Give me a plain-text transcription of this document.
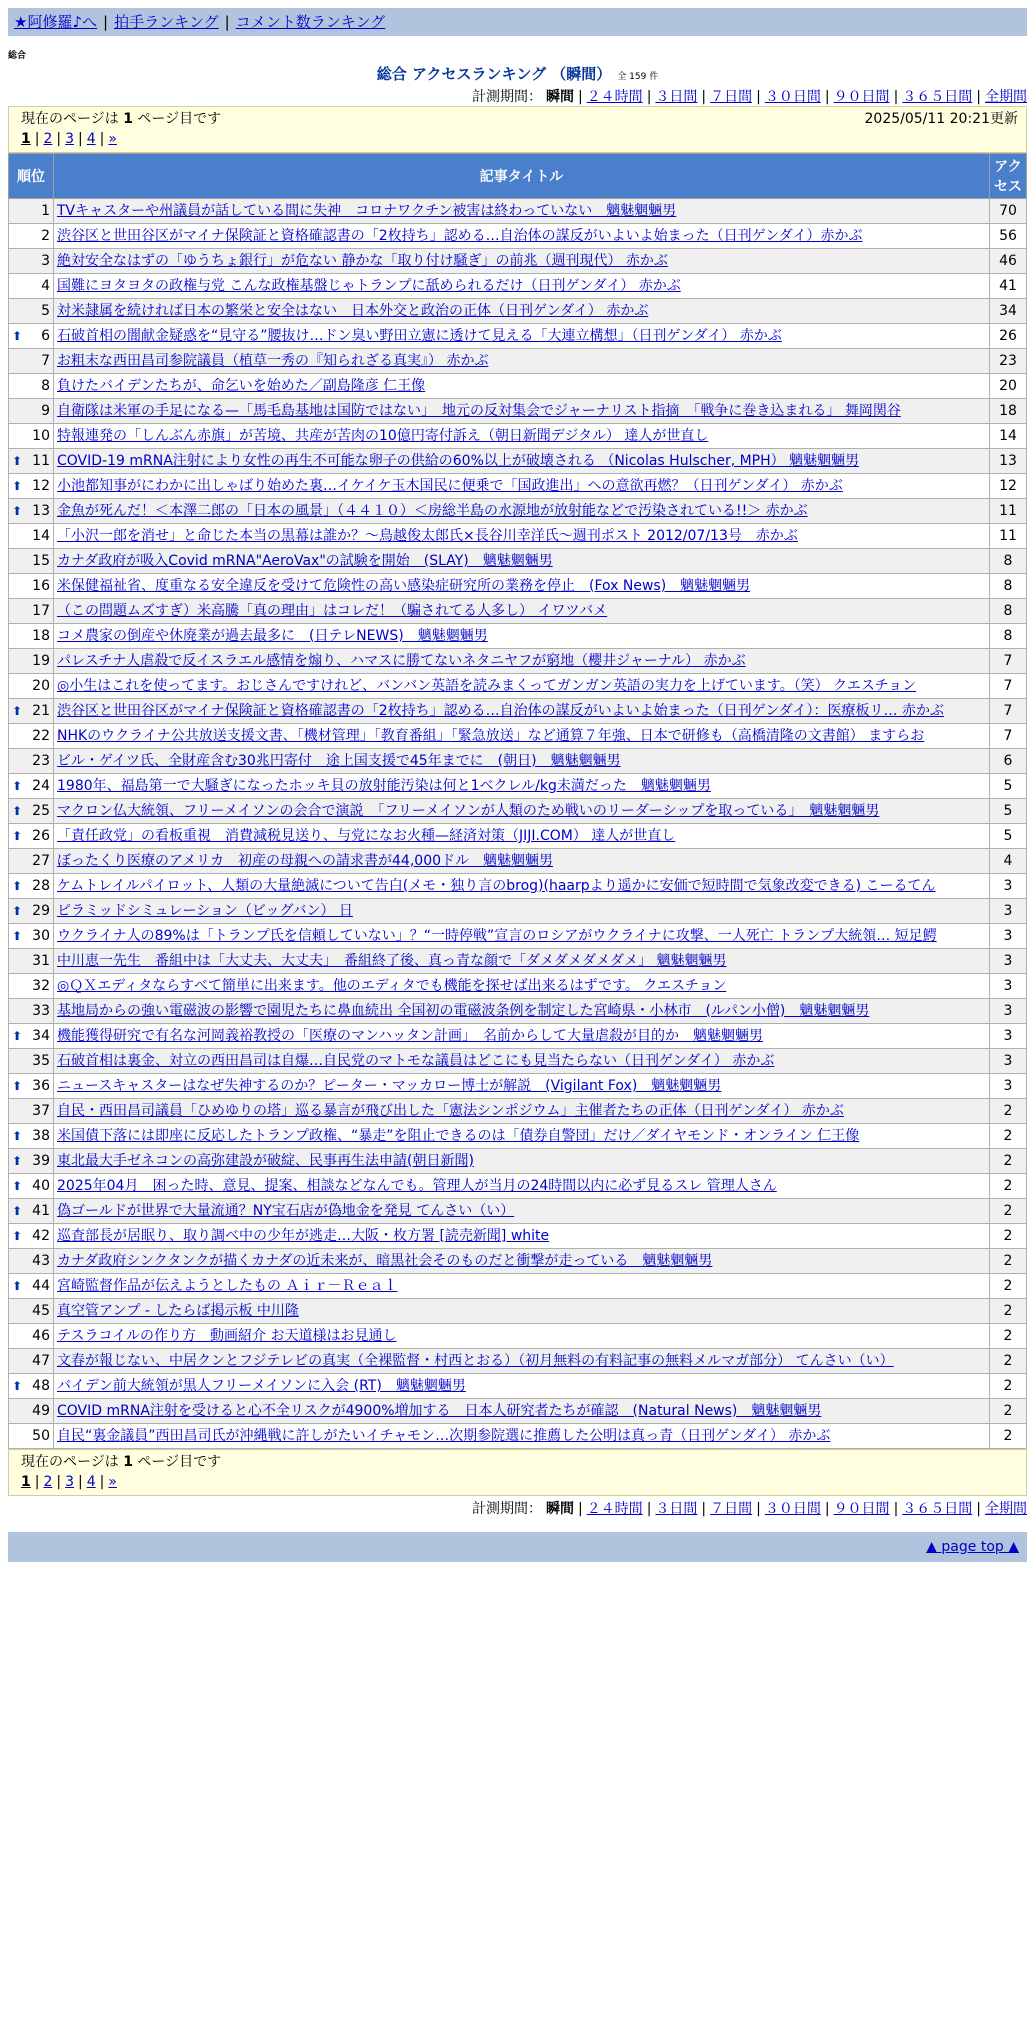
★阿修羅♪へ | 拍手ランキング | コメント数ランキング
総合
総合 アクセスランキング （瞬間） 全 159 件
計測期間： 瞬間 | ２４時間 | ３日間 | ７日間 | ３０日間 | ９０日間 | ３６５日間 | 全期間
現在のページは 1 ページ目です	2025/05/11 20:21更新
1 | 2 | 3 | 4 | »
順位	記事タイトル	アクセス
1	TVキャスターや州議員が話している間に失神　コロナワクチン被害は終わっていない　魑魅魍魎男	70
2	渋谷区と世田谷区がマイナ保険証と資格確認書の「2枚持ち」認める…自治体の謀反がいよいよ始まった（日刊ゲンダイ）赤かぶ	56
3	絶対安全なはずの「ゆうちょ銀行」が危ない 静かな「取り付け騒ぎ」の前兆（週刊現代） 赤かぶ	46
4	国難にヨタヨタの政権与党 こんな政権基盤じゃトランプに舐められるだけ（日刊ゲンダイ） 赤かぶ	41
5	対米隷属を続ければ日本の繁栄と安全はない　日本外交と政治の正体（日刊ゲンダイ） 赤かぶ	34

⬆ 6	石破首相の闇献金疑惑を“見守る”腰抜け…ドン臭い野田立憲に透けて見える「大連立構想」（日刊ゲンダイ） 赤かぶ	26
7	お粗末な西田昌司参院議員（植草一秀の『知られざる真実』） 赤かぶ	23
8	負けたバイデンたちが、命乞いを始めた／副島隆彦 仁王像	20
9	自衛隊は米軍の手足になる—「馬毛島基地は国防ではない」　地元の反対集会でジャーナリスト指摘　「戦争に巻き込まれる」 舞岡関谷	18
10	特報連発の「しんぶん赤旗」が苦境、共産が苦肉の10億円寄付訴え（朝日新聞デジタル） 達人が世直し	14

⬆ 11	COVID-19 mRNA注射により女性の再生不可能な卵子の供給の60%以上が破壊される （Nicolas Hulscher, MPH） 魑魅魍魎男	13

⬆ 12	小池都知事がにわかに出しゃばり始めた裏…イケイケ玉木国民に便乗で「国政進出」への意欲再燃？（日刊ゲンダイ） 赤かぶ	12

⬆ 13	金魚が死んだ！＜本澤二郎の「日本の風景」（４４１０）＜房総半島の水源地が放射能などで汚染されている!!＞ 赤かぶ	11
14	「小沢一郎を消せ」と命じた本当の黒幕は誰か？～鳥越俊太郎氏×長谷川幸洋氏～週刊ポスト 2012/07/13号　赤かぶ	11
15	カナダ政府が吸入Covid mRNA"AeroVax"の試験を開始　(SLAY)　魑魅魍魎男	8
16	米保健福祉省、度重なる安全違反を受けて危険性の高い感染症研究所の業務を停止　(Fox News)　魑魅魍魎男	8
17	（この問題ムズすぎ）米高騰「真の理由」はコレだ！（騙されてる人多し） イワツバメ	8
18	コメ農家の倒産や休廃業が過去最多に　(日テレNEWS)　魑魅魍魎男	8
19	パレスチナ人虐殺で反イスラエル感情を煽り、ハマスに勝てないネタニヤフが窮地（櫻井ジャーナル） 赤かぶ	7
20	◎小生はこれを使ってます。おじさんですけれど、バンバン英語を読みまくってガンガン英語の実力を上げています。（笑） クエスチョン	7

⬆ 21	渋谷区と世田谷区がマイナ保険証と資格確認書の「2枚持ち」認める…自治体の謀反がいよいよ始まった（日刊ゲンダイ）：医療板リ… 赤かぶ	7
22	NHKのウクライナ公共放送支援文書、「機材管理」「教育番組」「緊急放送」など通算７年強、日本で研修も（高橋清隆の文書館） ますらお	7
23	ビル・ゲイツ氏、全財産含む30兆円寄付　途上国支援で45年までに　(朝日)　魑魅魍魎男	6

⬆ 24	1980年、福島第一で大騒ぎになったホッキ貝の放射能汚染は何と1ベクレル/kg未満だった　魑魅魍魎男	5

⬆ 25	マクロン仏大統領、フリーメイソンの会合で演説　「フリーメイソンが人類のため戦いのリーダーシップを取っている」　魑魅魍魎男	5

⬆ 26	「責任政党」の看板重視　消費減税見送り、与党になお火種—経済対策（JIJI.COM） 達人が世直し	5
27	ぼったくり医療のアメリカ　初産の母親への請求書が44,000ドル　魑魅魍魎男	4

⬆ 28	ケムトレイルパイロット、人類の大量絶滅について告白(メモ・独り言のbrog)(haarpより遥かに安価で短時間で気象改変できる) こーるてん	3

⬆ 29	ピラミッドシミュレーション（ビッグバン） 日	3

⬆ 30	ウクライナ人の89%は「トランプ氏を信頼していない」？“一時停戦”宣言のロシアがウクライナに攻撃、一人死亡 トランプ大統領… 短足鰐	3
31	中川恵一先生　番組中は「大丈夫、大丈夫」　番組終了後、真っ青な顔で「ダメダメダメダメ」 魑魅魍魎男	3
32	◎ＱＸエディタならすべて簡単に出来ます。他のエディタでも機能を探せば出来るはずです。 クエスチョン	3
33	基地局からの強い電磁波の影響で園児たちに鼻血続出 全国初の電磁波条例を制定した宮崎県・小林市　(ルパン小僧)　魑魅魍魎男	3

⬆ 34	機能獲得研究で有名な河岡義裕教授の「医療のマンハッタン計画」　名前からして大量虐殺が目的か　魑魅魍魎男	3
35	石破首相は裏金、対立の西田昌司は自爆…自民党のマトモな議員はどこにも見当たらない（日刊ゲンダイ） 赤かぶ	3

⬆ 36	ニュースキャスターはなぜ失神するのか？ピーター・マッカロー博士が解説　(Vigilant Fox)　魑魅魍魎男	3
37	自民・西田昌司議員「ひめゆりの塔」巡る暴言が飛び出した「憲法シンポジウム」主催者たちの正体（日刊ゲンダイ） 赤かぶ	2

⬆ 38	米国債下落には即座に反応したトランプ政権、“暴走”を阻止できるのは「債券自警団」だけ／ダイヤモンド・オンライン 仁王像	2

⬆ 39	東北最大手ゼネコンの高弥建設が破綻、民事再生法申請(朝日新聞)	2

⬆ 40	2025年04月　困った時、意見、提案、相談などなんでも。管理人が当月の24時間以内に必ず見るスレ 管理人さん	2

⬆ 41	偽ゴールドが世界で大量流通？NY宝石店が偽地金を発見 てんさい（い）	2

⬆ 42	巡査部長が居眠り、取り調べ中の少年が逃走…大阪・枚方署 [読売新聞] white	2
43	カナダ政府シンクタンクが描くカナダの近未来が、暗黒社会そのものだと衝撃が走っている　魑魅魍魎男	2

⬆ 44	宮崎監督作品が伝えようとしたもの Ａｉｒ－Ｒｅａｌ	2
45	真空管アンプ - したらば掲示板 中川隆	2
46	テスラコイルの作り方　動画紹介 お天道様はお見通し	2
47	文春が報じない、中居クンとフジテレビの真実（全裸監督・村西とおる）（初月無料の有料記事の無料メルマガ部分） てんさい（い）	2

⬆ 48	バイデン前大統領が黒人フリーメイソンに入会 (RT)　魑魅魍魎男	2
49	COVID mRNA注射を受けると心不全リスクが4900%増加する　日本人研究者たちが確認　(Natural News)　魑魅魍魎男	2
50	自民“裏金議員”西田昌司氏が沖縄戦に許しがたいイチャモン…次期参院選に推薦した公明は真っ青（日刊ゲンダイ） 赤かぶ	2
現在のページは 1 ページ目です
1 | 2 | 3 | 4 | »
計測期間： 瞬間 | ２４時間 | ３日間 | ７日間 | ３０日間 | ９０日間 | ３６５日間 | 全期間
▲ page top ▲
